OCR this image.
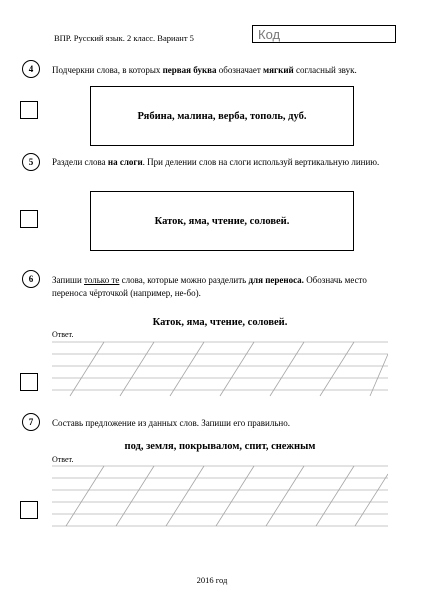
ВПР. Русский язык. 2 класс. Вариант 5	Код
4	Подчеркни слова, в которых первая буква обозначает мягкий согласный звук.
Рябина, малина, верба, тополь, дуб.
5	Раздели слова на слоги. При делении слов на слоги используй вертикальную линию.
Каток, яма, чтение, соловей.
6	Запиши только те слова, которые можно разделить для переноса. Обозначь место переноса чёрточкой (например, не-бо).
Каток, яма, чтение, соловей.
Ответ.
7	Составь предложение из данных слов. Запиши его правильно.
под, земля, покрывалом, спит, снежным
Ответ.
2016 год
